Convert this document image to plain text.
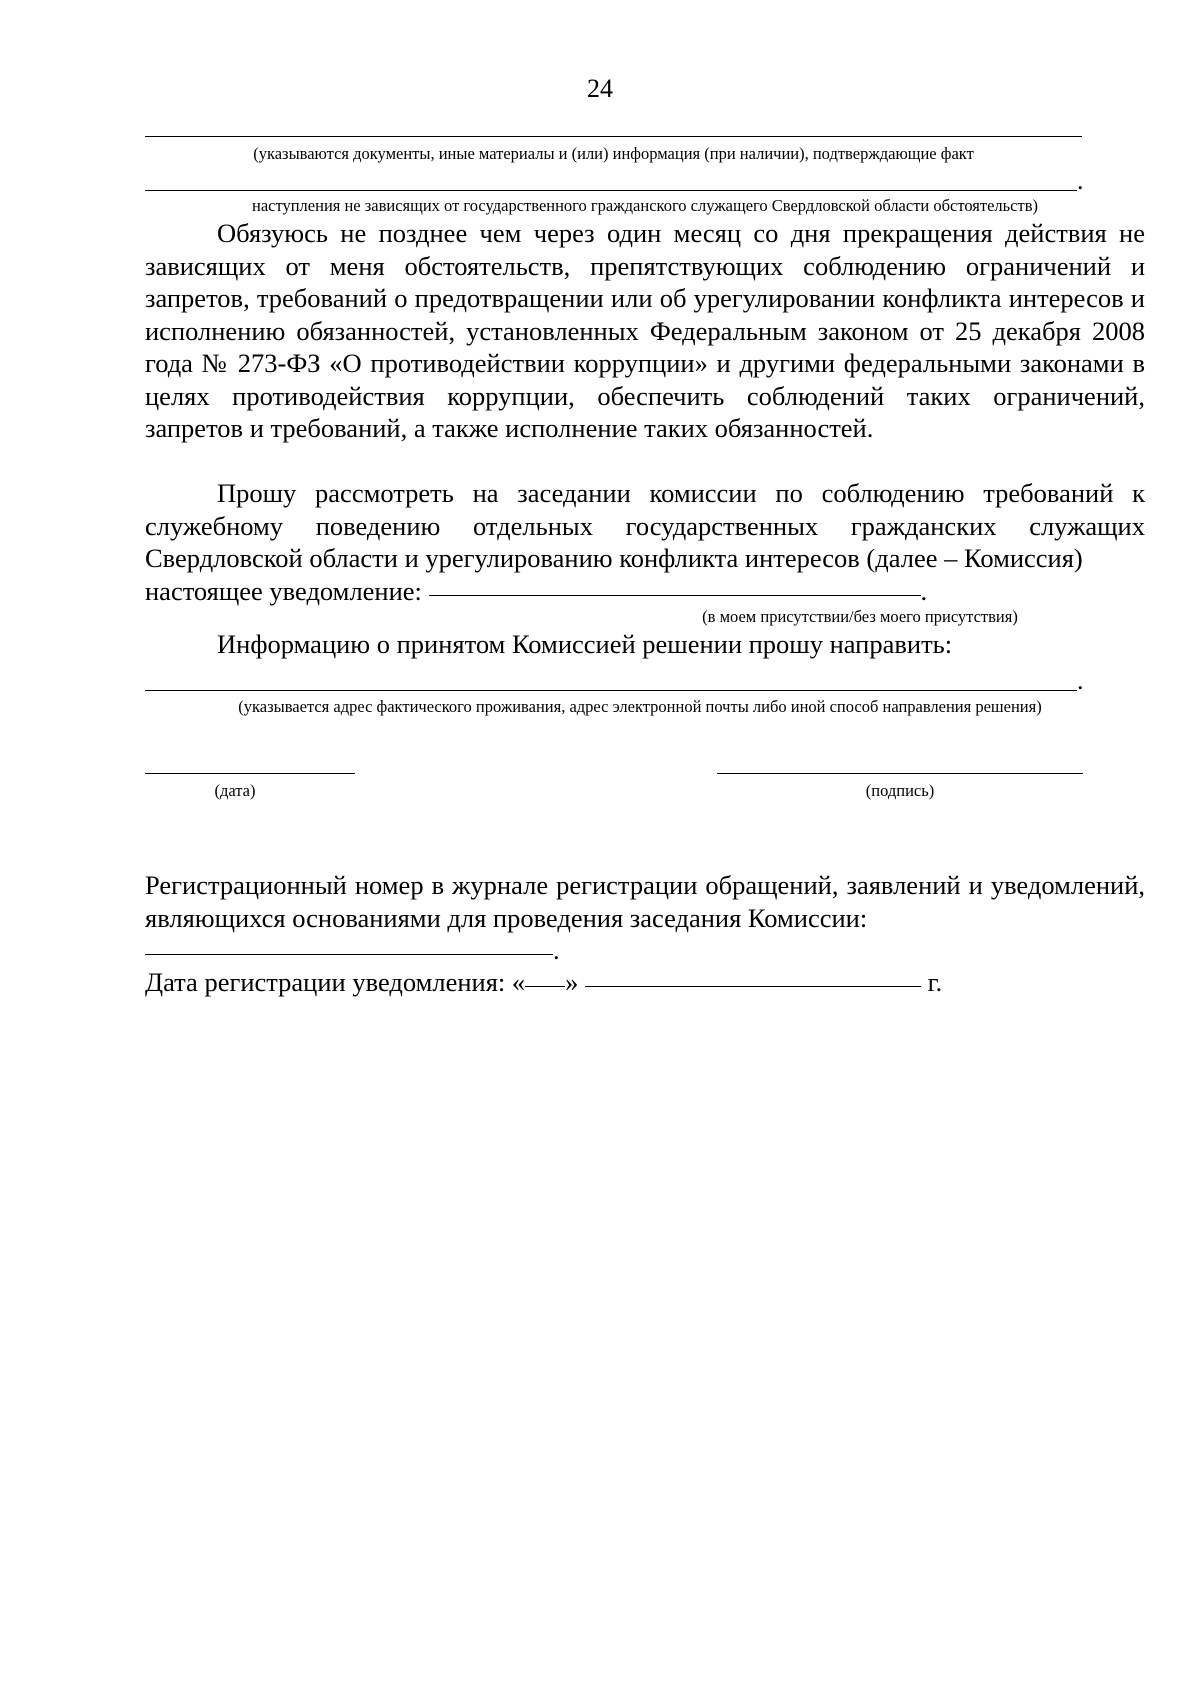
24
(указываются документы, иные материалы и (или) информация (при наличии), подтверждающие факт
.
наступления не зависящих от государственного гражданского служащего Свердловской области обстоятельств)

Обязуюсь не позднее чем через один месяц со дня прекращения действия не зависящих от меня обстоятельств, препятствующих соблюдению ограничений и запретов, требований о предотвращении или об урегулировании конфликта интересов и исполнению обязанностей, установленных Федеральным законом от 25 декабря 2008 года № 273-ФЗ «О противодействии коррупции» и другими федеральными законами в целях противодействия коррупции, обеспечить соблюдений таких ограничений, запретов и требований, а также исполнение таких обязанностей.

Прошу рассмотреть на заседании комиссии по соблюдению требований к служебному поведению отдельных государственных гражданских служащих Свердловской области и урегулированию конфликта интересов (далее – Комиссия)

настоящее уведомление:	.
(в моем присутствии/без моего присутствия)
Информацию о принятом Комиссией решении прошу направить:
.
(указывается адрес фактического проживания, адрес электронной почты либо иной способ направления решения)
(дата)	(подпись)

Регистрационный номер в журнале регистрации обращений, заявлений и уведомлений, являющихся основаниями для проведения заседания Комиссии:

.
Дата регистрации уведомления: « »	г.
